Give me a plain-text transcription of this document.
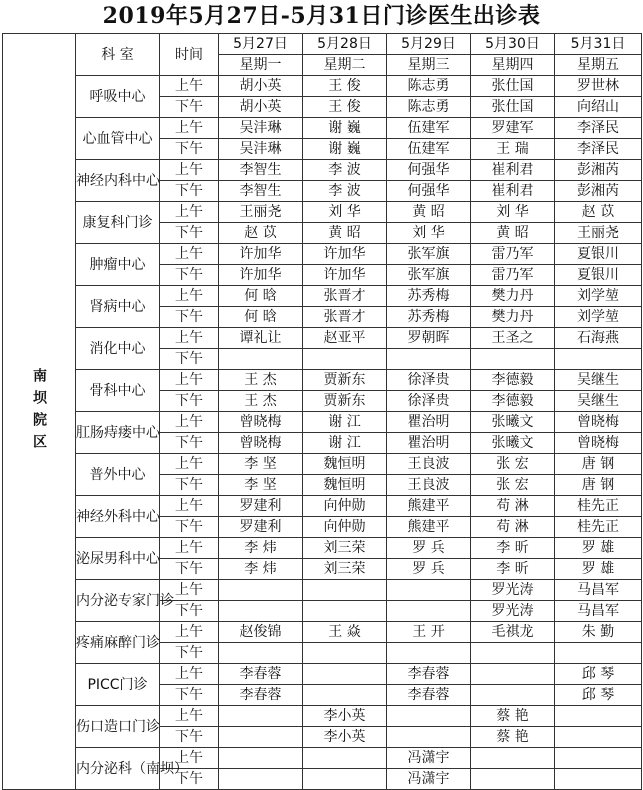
2019年5月27日-5月31日门诊医生出诊表
南坝院区	科 室	时间	5月27日	5月28日	5月29日	5月30日	5月31日
			星期一	星期二	星期三	星期四	星期五
	呼吸中心	上午	胡小英	王 俊	陈志勇	张仕国	罗世林
		下午	胡小英	王 俊	陈志勇	张仕国	向绍山
	心血管中心	上午	吴沣琳	谢 巍	伍建军	罗建军	李泽民
		下午	吴沣琳	谢 巍	伍建军	王 瑞	李泽民
	神经内科中心	上午	李智生	李 波	何强华	崔利君	彭湘芮
		下午	李智生	李 波	何强华	崔利君	彭湘芮
	康复科门诊	上午	王丽尧	刘 华	黄 昭	刘 华	赵 苡
		下午	赵 苡	黄 昭	刘 华	黄 昭	王丽尧
	肿瘤中心	上午	许加华	许加华	张军旗	雷乃军	夏银川
		下午	许加华	许加华	张军旗	雷乃军	夏银川
	肾病中心	上午	何 晗	张晋才	苏秀梅	樊力丹	刘学堃
		下午	何 晗	张晋才	苏秀梅	樊力丹	刘学堃
	消化中心	上午	谭礼让	赵亚平	罗朝晖	王圣之	石海燕
		下午					
	骨科中心	上午	王 杰	贾新东	徐泽贵	李德毅	吴继生
		下午	王 杰	贾新东	徐泽贵	李德毅	吴继生
	肛肠痔瘘中心	上午	曾晓梅	谢 江	瞿治明	张曦文	曾晓梅
		下午	曾晓梅	谢 江	瞿治明	张曦文	曾晓梅
	普外中心	上午	李 坚	魏恒明	王良波	张 宏	唐 钢
		下午	李 坚	魏恒明	王良波	张 宏	唐 钢
	神经外科中心	上午	罗建利	向仲勋	熊建平	苟 淋	桂先正
		下午	罗建利	向仲勋	熊建平	苟 淋	桂先正
	泌尿男科中心	上午	李 炜	刘三荣	罗 兵	李 昕	罗 雄
		下午	李 炜	刘三荣	罗 兵	李 昕	罗 雄
	内分泌专家门诊	上午				罗光涛	马昌军
		下午				罗光涛	马昌军
	疼痛麻醉门诊	上午	赵俊锦	王 焱	王 开	毛祺龙	朱 勤
		下午					
	PICC门诊	上午	李春蓉		李春蓉		邱 琴
		下午	李春蓉		李春蓉		邱 琴
	伤口造口门诊	上午		李小英		蔡 艳	
		下午		李小英		蔡 艳	
	内分泌科（南坝）	上午			冯潇宇		
		下午			冯潇宇		
